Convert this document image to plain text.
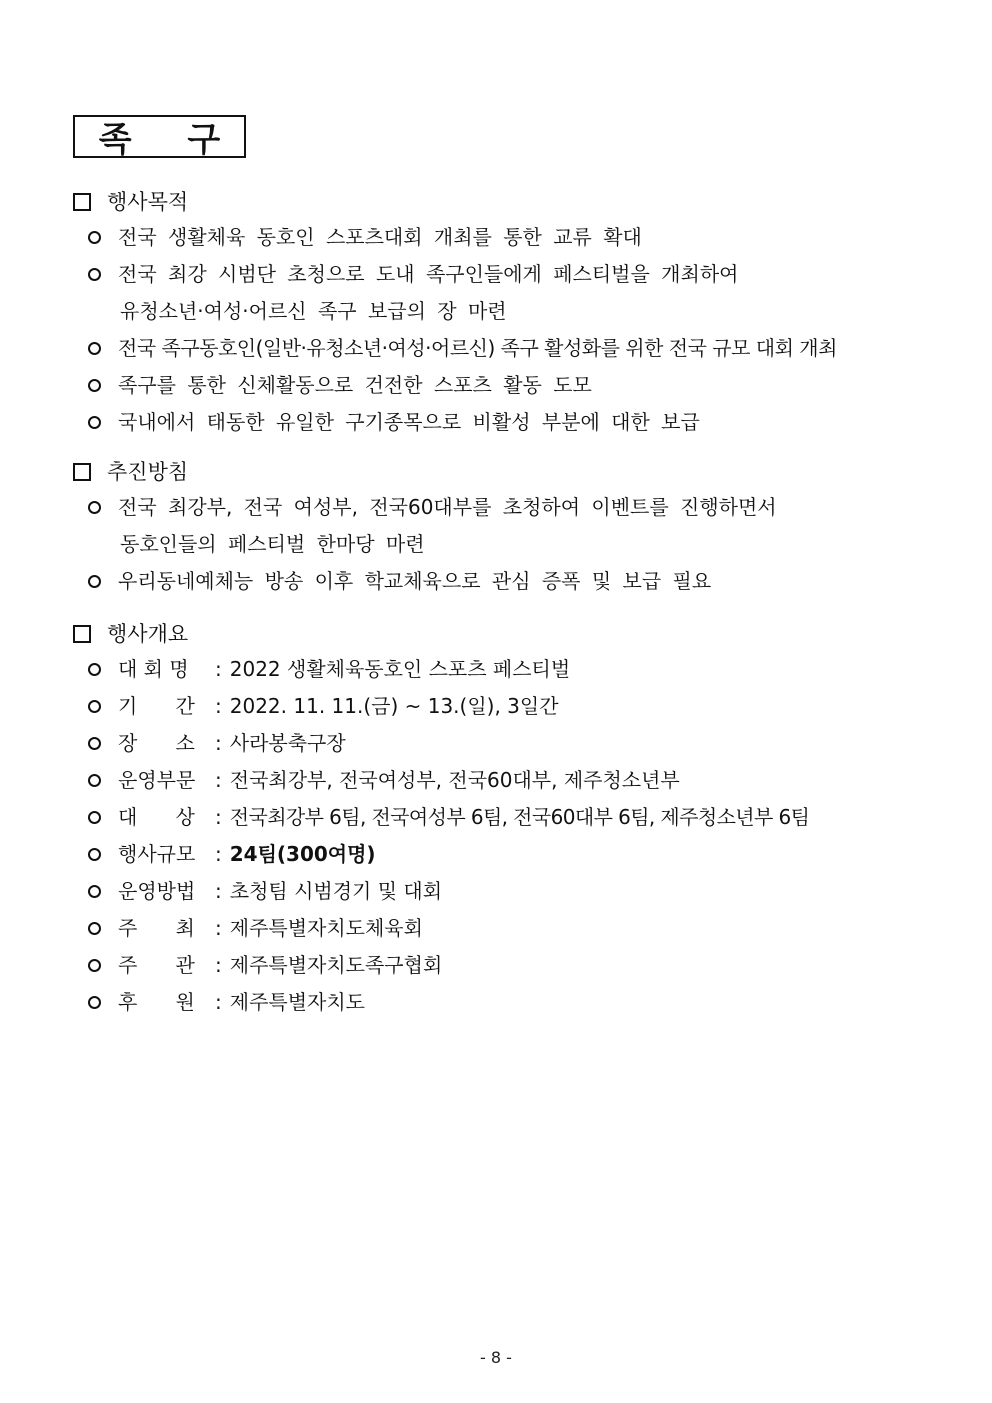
족 구
행사목적
전국 생활체육 동호인 스포츠대회 개최를 통한 교류 확대
전국 최강 시범단 초청으로 도내 족구인들에게 페스티벌을 개최하여
유청소년·여성·어르신 족구 보급의 장 마련
전국 족구동호인(일반·유청소년·여성·어르신) 족구 활성화를 위한 전국 규모 대회 개최
족구를 통한 신체활동으로 건전한 스포츠 활동 도모
국내에서 태동한 유일한 구기종목으로 비활성 부분에 대한 보급
추진방침
전국 최강부, 전국 여성부, 전국60대부를 초청하여 이벤트를 진행하면서
동호인들의 페스티벌 한마당 마련
우리동네예체능 방송 이후 학교체육으로 관심 증폭 및 보급 필요
행사개요
대 회 명	: 2022 생활체육동호인 스포츠 페스티벌
기      간	: 2022. 11. 11.(금) ~ 13.(일), 3일간
장      소	: 사라봉축구장
운영부문 : 전국최강부, 전국여성부, 전국60대부, 제주청소년부
대      상	: 전국최강부 6팀, 전국여성부 6팀, 전국60대부 6팀, 제주청소년부 6팀
행사규모 : 24팀(300여명)
운영방법 : 초청팀 시범경기 및 대회
주      최	: 제주특별자치도체육회
주      관	: 제주특별자치도족구협회
후      원	: 제주특별자치도
- 8 -
